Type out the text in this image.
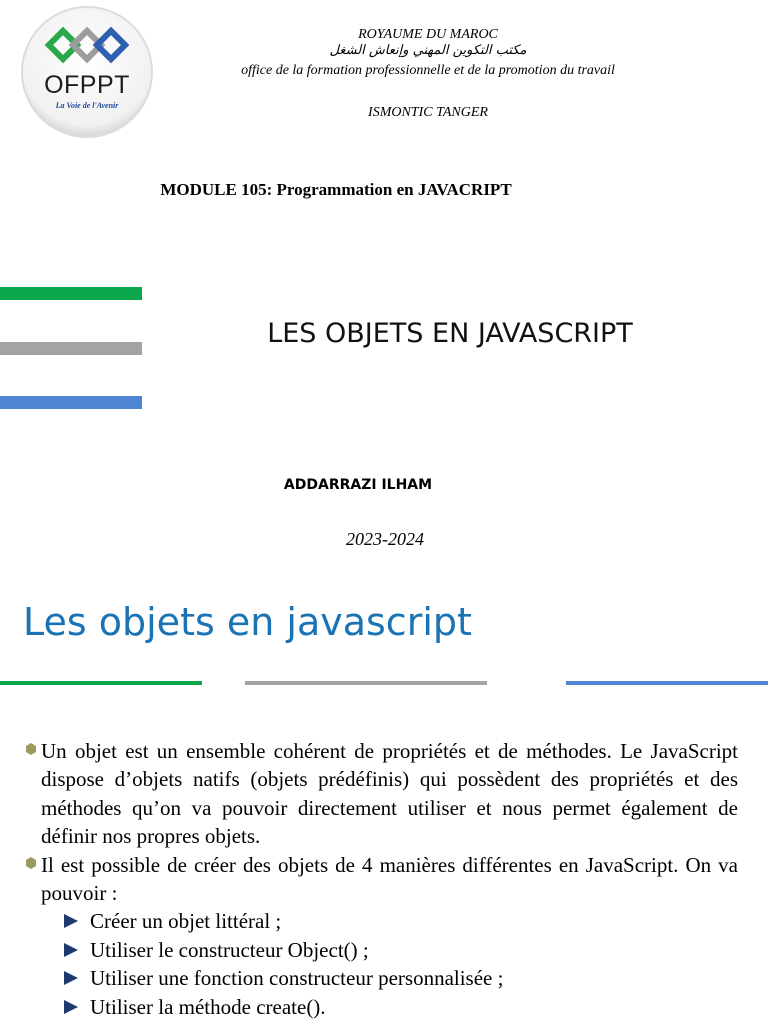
OFPPT
La Voie de l'Avenir
ROYAUME DU MAROC
مكتب التكوين المهني وإنعاش الشغل
office de la formation professionnelle et de la promotion du travail
ISMONTIC TANGER
MODULE 105: Programmation en JAVACRIPT
LES OBJETS EN JAVASCRIPT
ADDARRAZI ILHAM
2023-2024
Les objets en javascript
Un objet est un ensemble cohérent de propriétés et de méthodes. Le JavaScript dispose d’objets natifs (objets prédéfinis) qui possèdent des propriétés et des méthodes qu’on va pouvoir directement utiliser et nous permet également de définir nos propres objets.
Il est possible de créer des objets de 4 manières différentes en JavaScript. On va pouvoir :
Créer un objet littéral ;
Utiliser le constructeur Object() ;
Utiliser une fonction constructeur personnalisée ;
Utiliser la méthode create().
